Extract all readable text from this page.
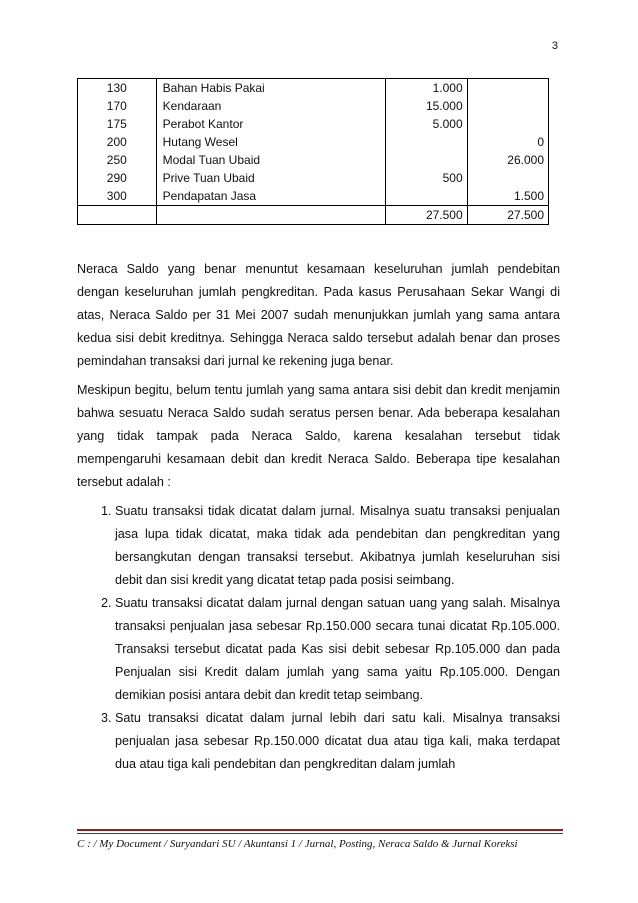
3
130	Bahan Habis Pakai	1.000	
170	Kendaraan	15.000	
175	Perabot Kantor	5.000	
200	Hutang Wesel		0
250	Modal Tuan Ubaid		26.000
290	Prive Tuan Ubaid	500	
300	Pendapatan Jasa		1.500
		27.500	27.500

Neraca Saldo yang benar menuntut kesamaan keseluruhan jumlah pendebitan dengan keseluruhan jumlah pengkreditan. Pada kasus Perusahaan Sekar Wangi di atas, Neraca Saldo per 31 Mei 2007 sudah menunjukkan jumlah yang sama antara kedua sisi debit kreditnya. Sehingga Neraca saldo tersebut adalah benar dan proses pemindahan transaksi dari jurnal ke rekening juga benar.

Meskipun begitu, belum tentu jumlah yang sama antara sisi debit dan kredit menjamin bahwa sesuatu Neraca Saldo sudah seratus persen benar. Ada beberapa kesalahan yang tidak tampak pada Neraca Saldo, karena kesalahan tersebut tidak mempengaruhi kesamaan debit dan kredit Neraca Saldo. Beberapa tipe kesalahan tersebut adalah :

1. Suatu transaksi tidak dicatat dalam jurnal. Misalnya suatu transaksi penjualan jasa lupa tidak dicatat, maka tidak ada pendebitan dan pengkreditan yang bersangkutan dengan transaksi tersebut. Akibatnya jumlah keseluruhan sisi debit dan sisi kredit yang dicatat tetap pada posisi seimbang.
2. Suatu transaksi dicatat dalam jurnal dengan satuan uang yang salah. Misalnya transaksi penjualan jasa sebesar Rp.150.000 secara tunai dicatat Rp.105.000. Transaksi tersebut dicatat pada Kas sisi debit sebesar Rp.105.000 dan pada Penjualan sisi Kredit dalam jumlah yang sama yaitu Rp.105.000. Dengan demikian posisi antara debit dan kredit tetap seimbang.
3. Satu transaksi dicatat dalam jurnal lebih dari satu kali. Misalnya transaksi penjualan jasa sebesar Rp.150.000 dicatat dua atau tiga kali, maka terdapat dua atau tiga kali pendebitan dan pengkreditan dalam jumlah
C : / My Document / Suryandari SU / Akuntansi 1 / Jurnal, Posting, Neraca Saldo & Jurnal Koreksi
